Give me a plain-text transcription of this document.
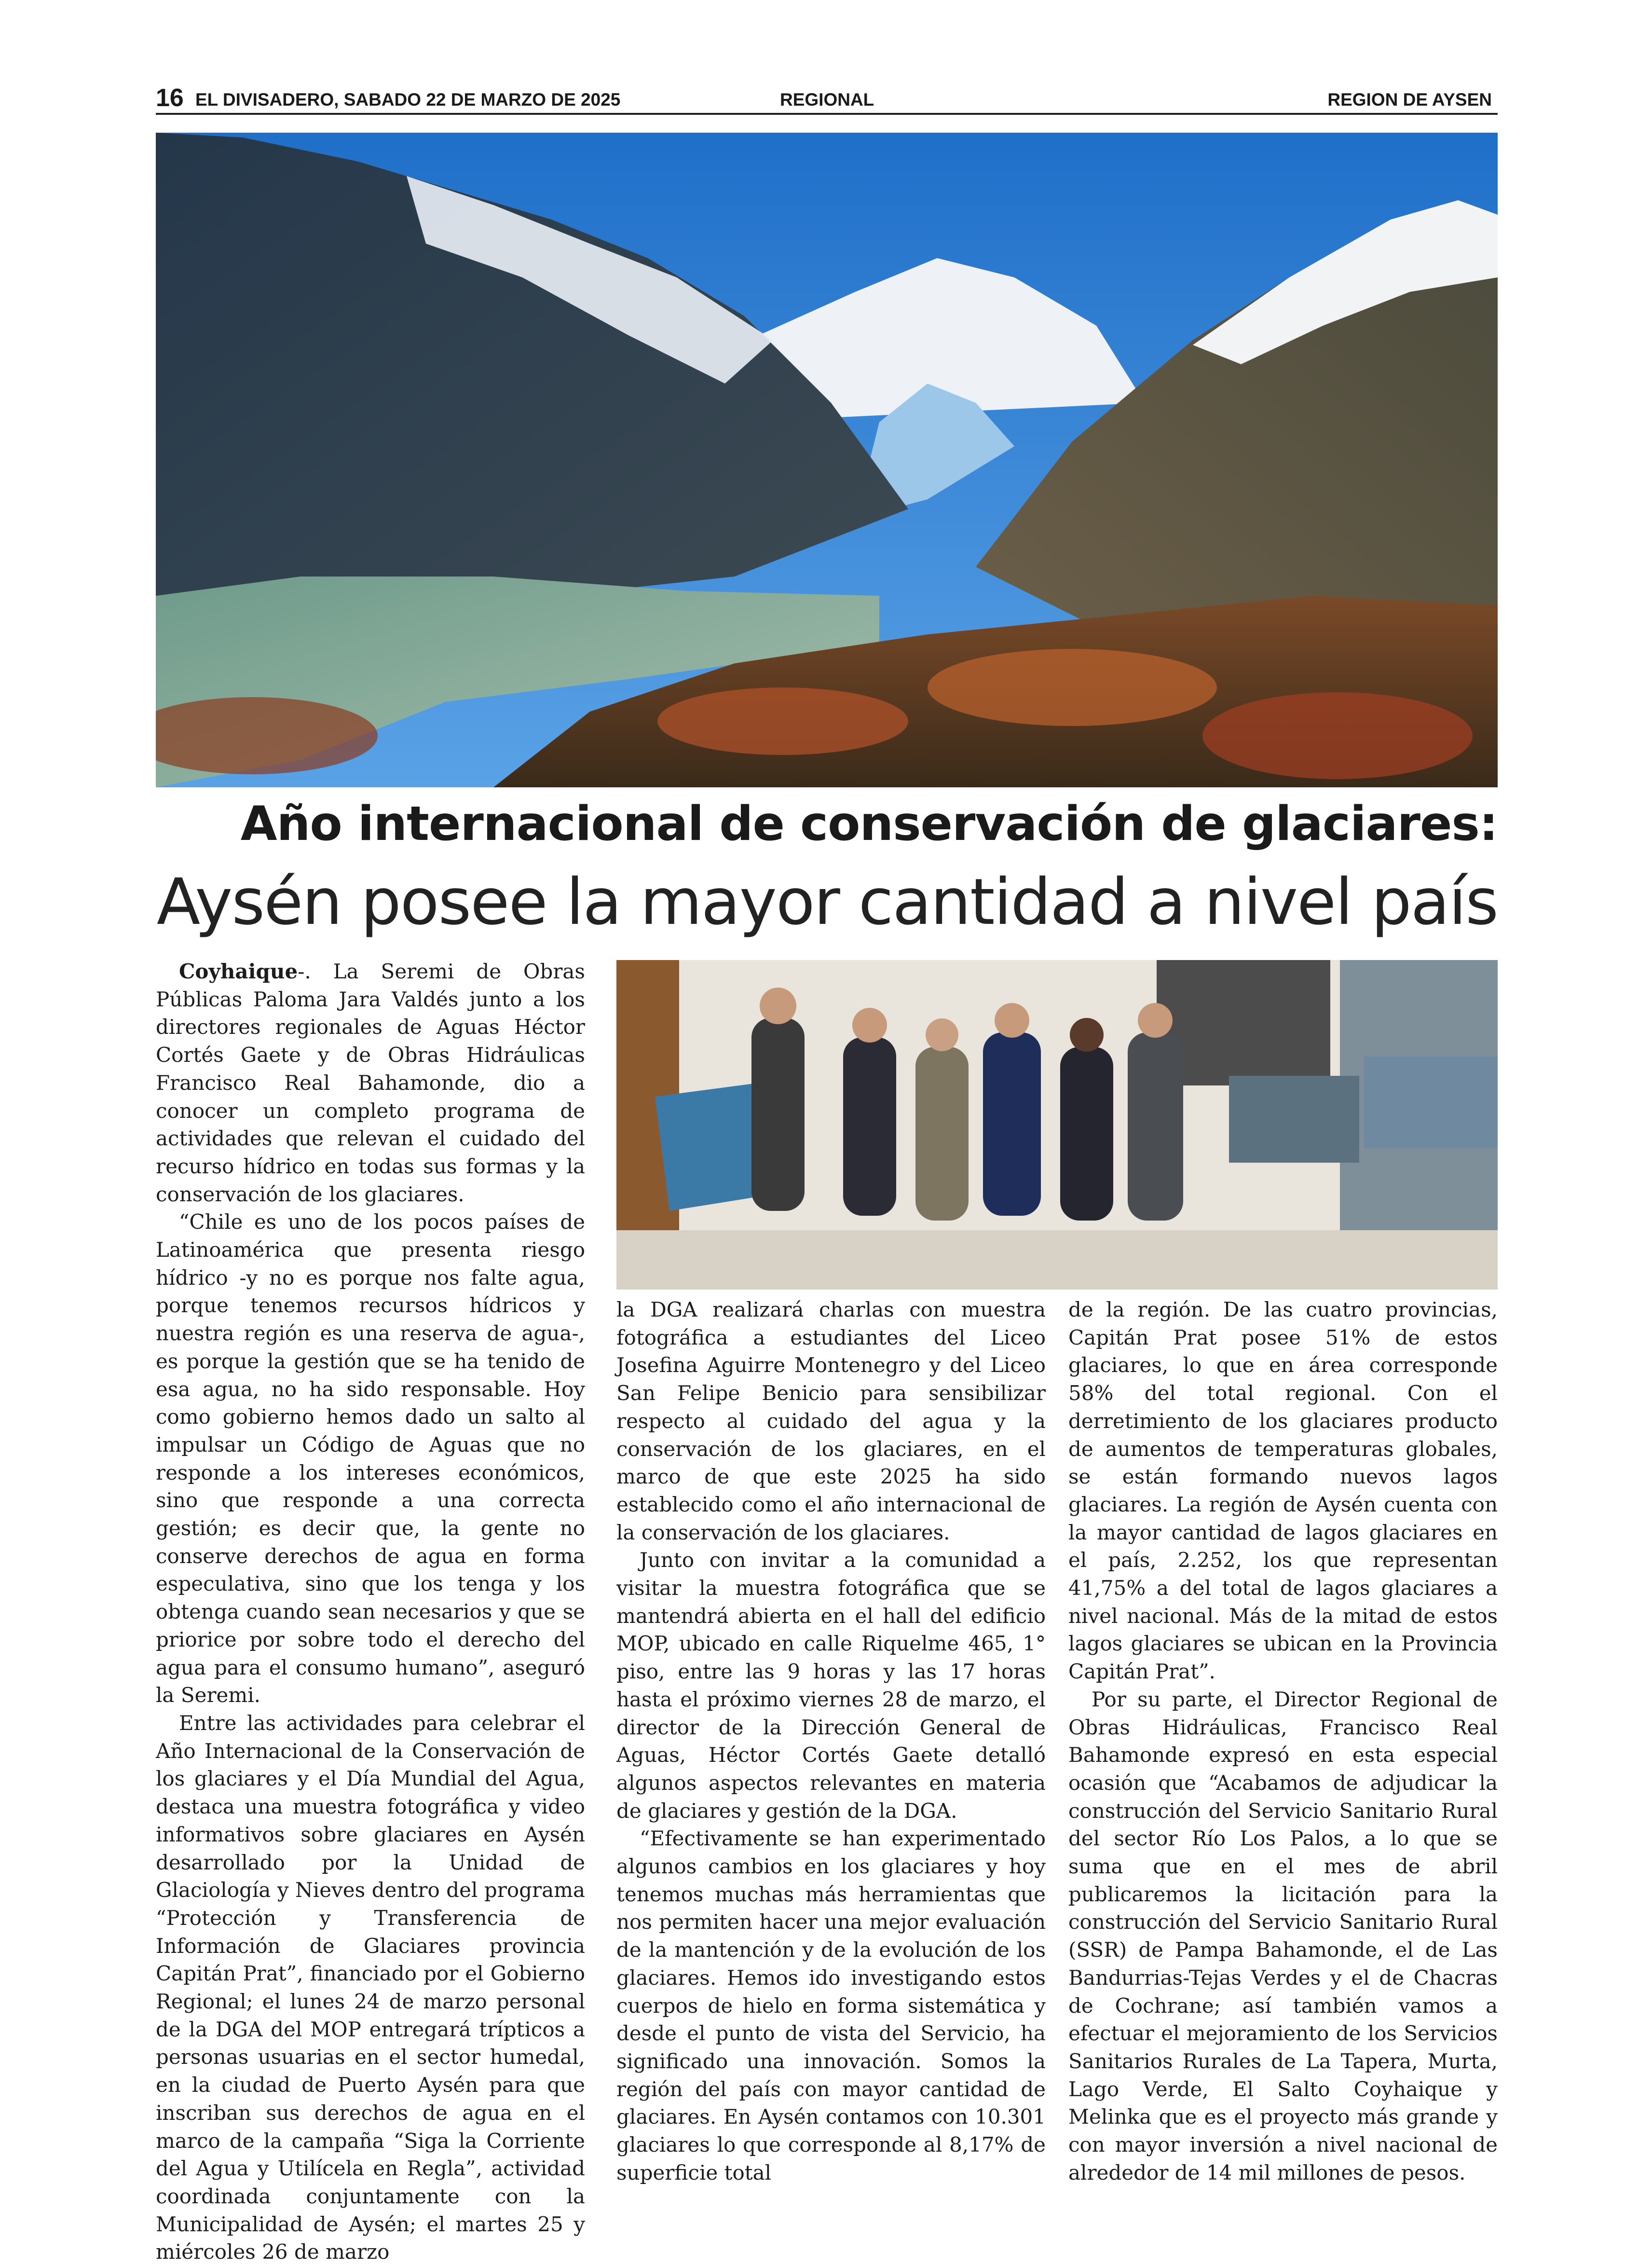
16 EL DIVISADERO, SABADO 22 DE MARZO DE 2025	REGIONAL	REGION DE AYSEN
Año internacional de conservación de glaciares:
Aysén posee la mayor cantidad a nivel país

Coyhaique-. La Seremi de Obras Públicas Paloma Jara Valdés junto a los directores regionales de Aguas Héctor Cortés Gaete y de Obras Hidráulicas Francisco Real Bahamonde, dio a conocer un completo programa de actividades que relevan el cuidado del recurso hídrico en todas sus formas y la conservación de los glaciares.

“Chile es uno de los pocos países de Latinoamérica que presenta riesgo hídrico -y no es porque nos falte agua, porque tenemos recursos hídricos y nuestra región es una reserva de agua-, es porque la gestión que se ha tenido de esa agua, no ha sido responsable. Hoy como gobierno hemos dado un salto al impulsar un Código de Aguas que no responde a los intereses económicos, sino que responde a una correcta gestión; es decir que, la gente no conserve derechos de agua en forma especulativa, sino que los tenga y los obtenga cuando sean necesarios y que se priorice por sobre todo el derecho del agua para el consumo humano”, aseguró la Seremi.

Entre las actividades para celebrar el Año Internacional de la Conservación de los glaciares y el Día Mundial del Agua, destaca una muestra fotográfica y video informativos sobre glaciares en Aysén desarrollado por la Unidad de Glaciología y Nieves dentro del programa “Protección y Transferencia de Información de Glaciares provincia Capitán Prat”, financiado por el Gobierno Regional; el lunes 24 de marzo personal de la DGA del MOP entregará trípticos a personas usuarias en el sector humedal, en la ciudad de Puerto Aysén para que inscriban sus derechos de agua en el marco de la campaña “Siga la Corriente del Agua y Utilícela en Regla”, actividad coordinada conjuntamente con la Municipalidad de Aysén; el martes 25 y miércoles 26 de marzo

la DGA realizará charlas con muestra fotográfica a estudiantes del Liceo Josefina Aguirre Montenegro y del Liceo San Felipe Benicio para sensibilizar respecto al cuidado del agua y la conservación de los glaciares, en el marco de que este 2025 ha sido establecido como el año internacional de la conservación de los glaciares.

Junto con invitar a la comunidad a visitar la muestra fotográfica que se mantendrá abierta en el hall del edificio MOP, ubicado en calle Riquelme 465, 1° piso, entre las 9 horas y las 17 horas hasta el próximo viernes 28 de marzo, el director de la Dirección General de Aguas, Héctor Cortés Gaete detalló algunos aspectos relevantes en materia de glaciares y gestión de la DGA.

“Efectivamente se han experimentado algunos cambios en los glaciares y hoy tenemos muchas más herramientas que nos permiten hacer una mejor evaluación de la mantención y de la evolución de los glaciares. Hemos ido investigando estos cuerpos de hielo en forma sistemática y desde el punto de vista del Servicio, ha significado una innovación. Somos la región del país con mayor cantidad de glaciares. En Aysén contamos con 10.301 glaciares lo que corresponde al 8,17% de superficie total

de la región. De las cuatro provincias, Capitán Prat posee 51% de estos glaciares, lo que en área corresponde 58% del total regional. Con el derretimiento de los glaciares producto de aumentos de temperaturas globales, se están formando nuevos lagos glaciares. La región de Aysén cuenta con la mayor cantidad de lagos glaciares en el país, 2.252, los que representan 41,75% a del total de lagos glaciares a nivel nacional. Más de la mitad de estos lagos glaciares se ubican en la Provincia Capitán Prat”.

Por su parte, el Director Regional de Obras Hidráulicas, Francisco Real Bahamonde expresó en esta especial ocasión que “Acabamos de adjudicar la construcción del Servicio Sanitario Rural del sector Río Los Palos, a lo que se suma que en el mes de abril publicaremos la licitación para la construcción del Servicio Sanitario Rural (SSR) de Pampa Bahamonde, el de Las Bandurrias-Tejas Verdes y el de Chacras de Cochrane; así también vamos a efectuar el mejoramiento de los Servicios Sanitarios Rurales de La Tapera, Murta, Lago Verde, El Salto Coyhaique y Melinka que es el proyecto más grande y con mayor inversión a nivel nacional de alrededor de 14 mil millones de pesos.
